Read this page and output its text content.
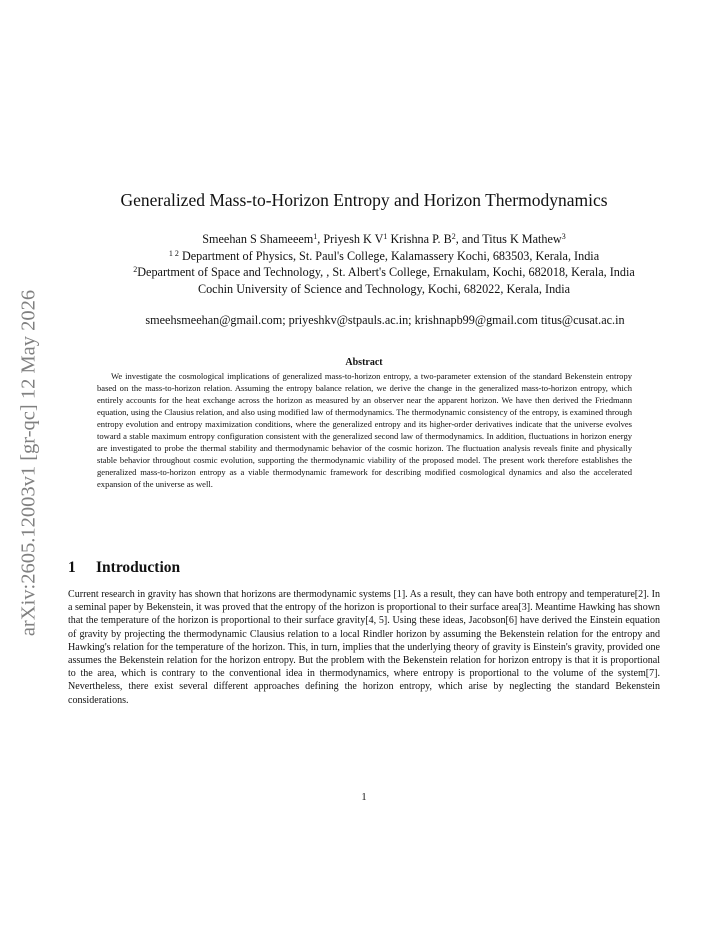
arXiv:2605.12003v1 [gr-qc] 12 May 2026
Generalized Mass-to-Horizon Entropy and Horizon Thermodynamics
Smeehan S Shameeem$^1$, Priyesh K $V^1$ Krishna P. $B^2$, and Titus K Mathew$^3$
$^{1 2}$ Department of Physics, St. Paul's College, Kalamassery Kochi, 683503, Kerala, India
$^2$Department of Space and Technology, , St. Albert's College, Ernakulam, Kochi, 682018, Kerala, India
Cochin University of Science and Technology, Kochi, 682022, Kerala, India
smeehsmeehan@gmail.com; priyeshkv@stpauls.ac.in; krishnapb99@gmail.com titus@cusat.ac.in
Abstract

We investigate the cosmological implications of generalized mass-to-horizon entropy, a two-parameter extension of the standard Bekenstein entropy based on the mass-to-horizon relation. Assuming the entropy balance relation, we derive the change in the generalized mass-to-horizon entropy, which entirely accounts for the heat exchange across the horizon as measured by an observer near the apparent horizon. We have then derived the Friedmann equation, using the Clausius relation, and also using modified law of thermodynamics. The thermodynamic consistency of the entropy, is examined through entropy evolution and entropy maximization conditions, where the generalized entropy and its higher-order derivatives indicate that the universe evolves toward a stable maximum entropy configuration consistent with the generalized second law of thermodynamics. In addition, fluctuations in horizon energy are investigated to probe the thermal stability and thermodynamic behavior of the cosmic horizon. The fluctuation analysis reveals finite and physically stable behavior throughout cosmic evolution, supporting the thermodynamic viability of the proposed model. The present work therefore establishes the generalized mass-to-horizon entropy as a viable thermodynamic framework for describing modified cosmological dynamics and also the accelerated expansion of the universe as well.

1 Introduction

Current research in gravity has shown that horizons are thermodynamic systems [1]. As a result, they can have both entropy and temperature[2]. In a seminal paper by Bekenstein, it was proved that the entropy of the horizon is proportional to their surface area[3]. Meantime Hawking has shown that the temperature of the horizon is proportional to their surface gravity[4, 5]. Using these ideas, Jacobson[6] have derived the Einstein equation of gravity by projecting the thermodynamic Clausius relation to a local Rindler horizon by assuming the Bekenstein relation for the entropy and Hawking's relation for the temperature of the horizon. This, in turn, implies that the underlying theory of gravity is Einstein's gravity, provided one assumes the Bekenstein relation for the horizon entropy. But the problem with the Bekenstein relation for horizon entropy is that it is proportional to the area, which is contrary to the conventional idea in thermodynamics, where entropy is proportional to the volume of the system[7]. Nevertheless, there exist several different approaches defining the horizon entropy, which arise by neglecting the standard Bekenstein considerations.

1
